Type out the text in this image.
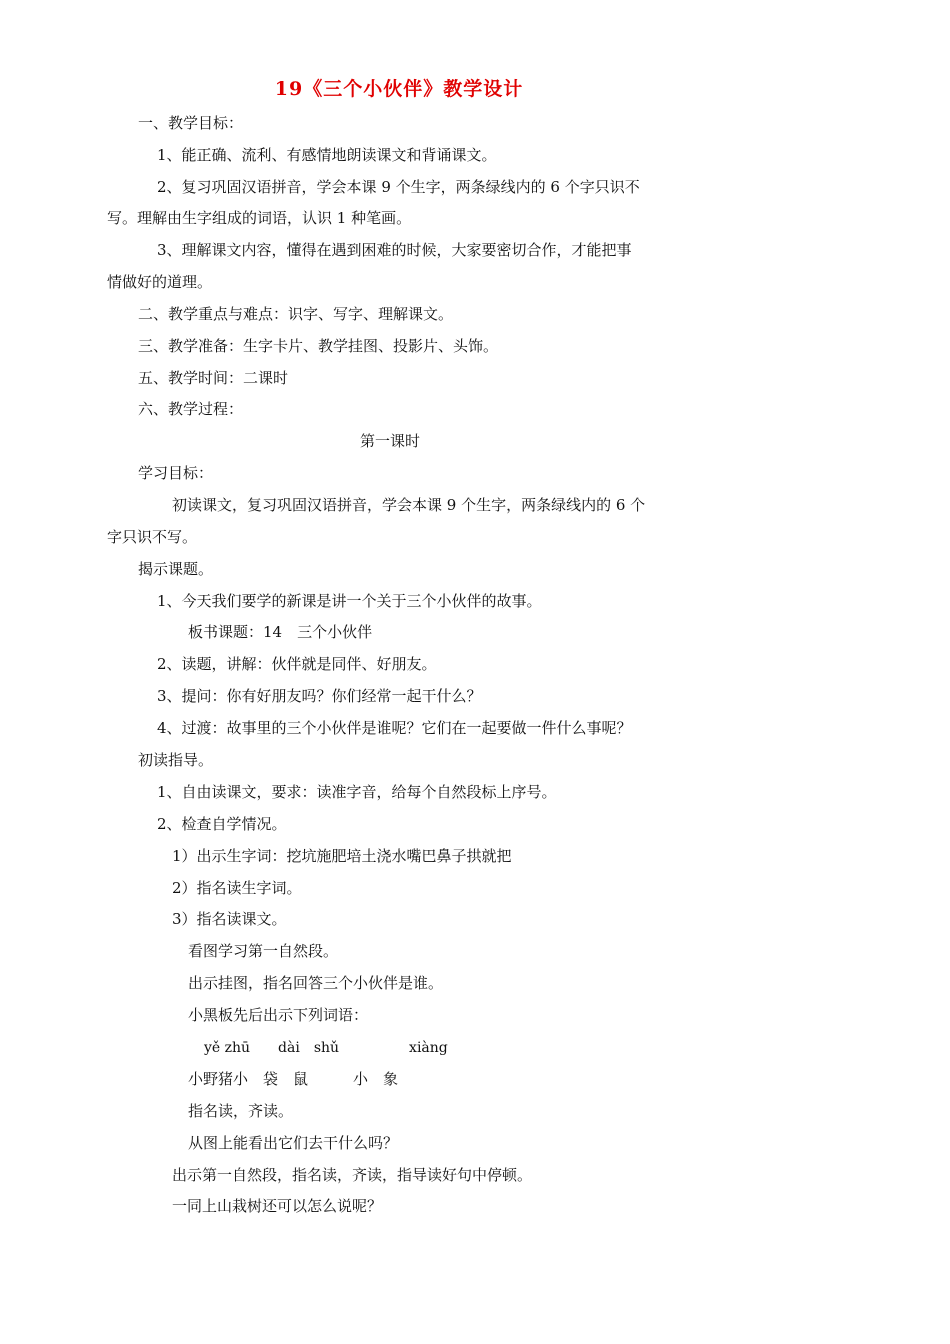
19《三个小伙伴》教学设计
一、教学目标：
1、能正确、流利、有感情地朗读课文和背诵课文。
2、复习巩固汉语拼音，学会本课 9 个生字，两条绿线内的 6 个字只识不
写。理解由生字组成的词语，认识 1 种笔画。
3、理解课文内容，懂得在遇到困难的时候，大家要密切合作，才能把事
情做好的道理。
二、教学重点与难点：识字、写字、理解课文。
三、教学准备：生字卡片、教学挂图、投影片、头饰。
五、教学时间：二课时
六、教学过程：
第一课时
学习目标：
初读课文，复习巩固汉语拼音，学会本课 9 个生字，两条绿线内的 6 个
字只识不写。
揭示课题。
1、今天我们要学的新课是讲一个关于三个小伙伴的故事。
板书课题：14　三个小伙伴
2、读题，讲解：伙伴就是同伴、好朋友。
3、提问：你有好朋友吗？你们经常一起干什么？
4、过渡：故事里的三个小伙伴是谁呢？它们在一起要做一件什么事呢？
初读指导。
1、自由读课文，要求：读准字音，给每个自然段标上序号。
2、检查自学情况。
1）出示生字词：挖坑施肥培土浇水嘴巴鼻子拱就把
2）指名读生字词。
3）指名读课文。
看图学习第一自然段。
出示挂图，指名回答三个小伙伴是谁。
小黑板先后出示下列词语：
yě zhū　　dài　shǔ　　　　　xiàng
小野猪小　袋　鼠　　　小　象
指名读，齐读。
从图上能看出它们去干什么吗？
出示第一自然段，指名读，齐读，指导读好句中停顿。
一同上山栽树还可以怎么说呢？
